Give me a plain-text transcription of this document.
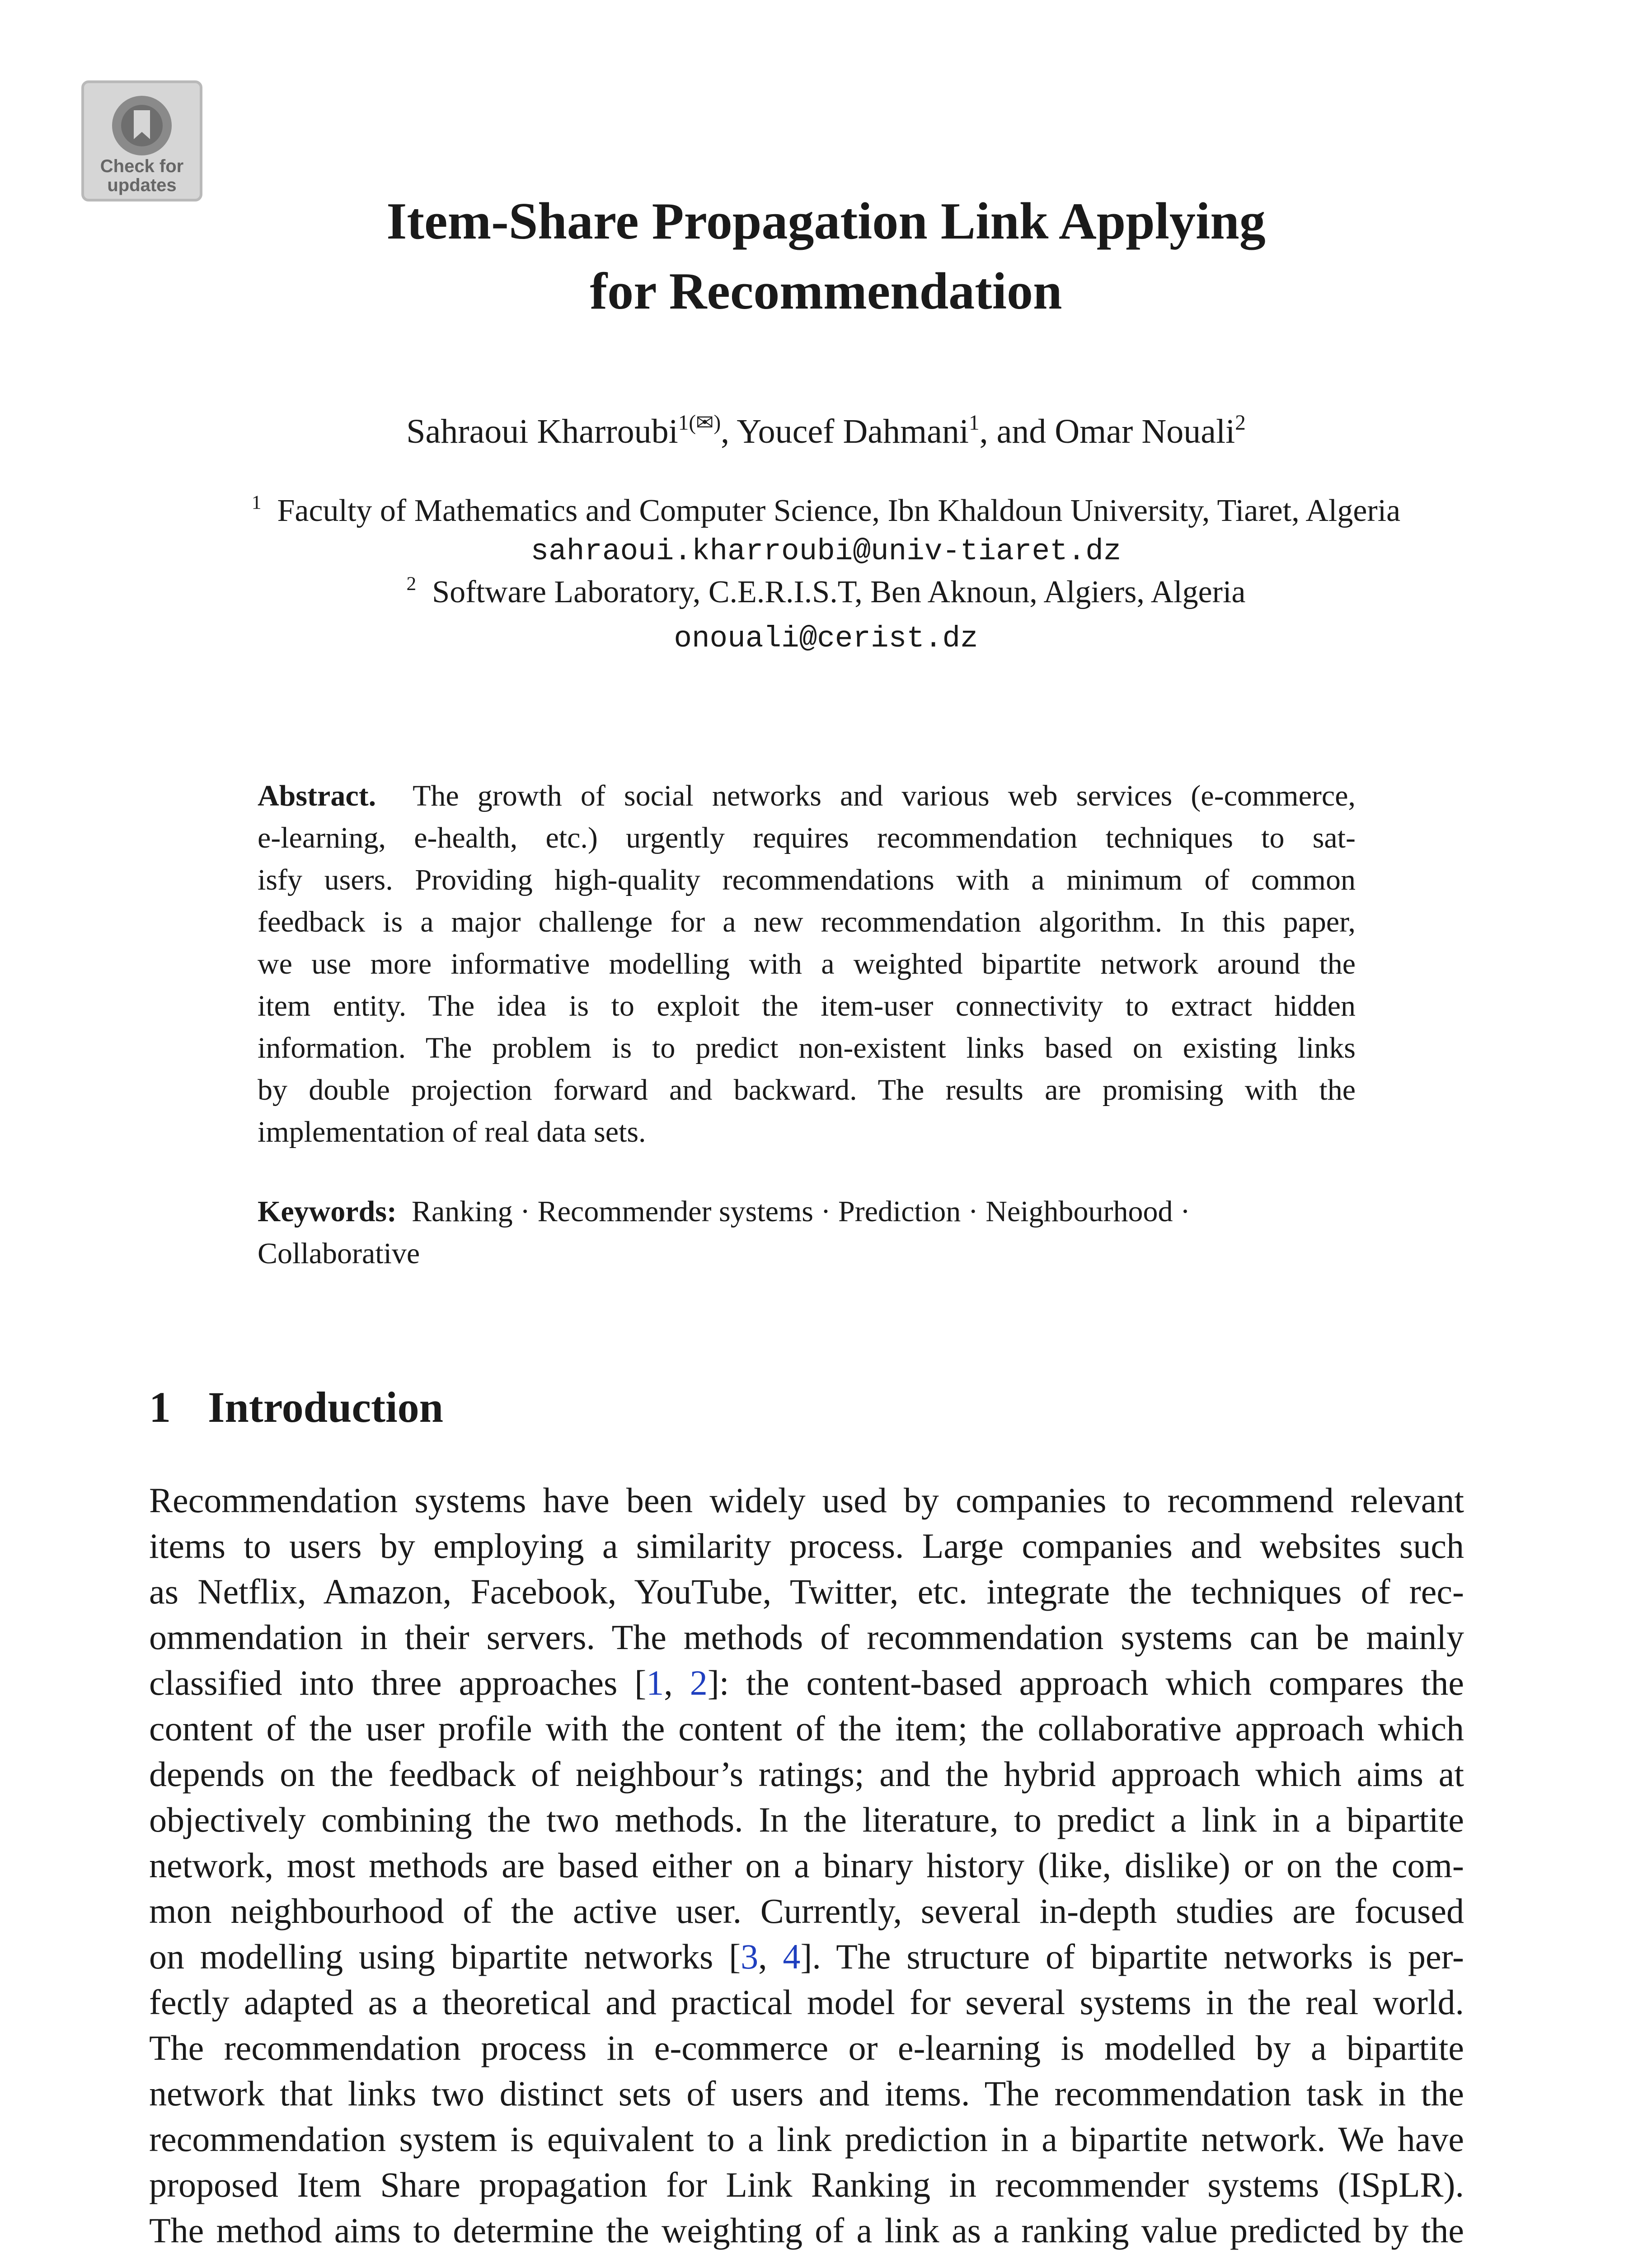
Check for
updates
Item-Share Propagation Link Applying
for Recommendation
Sahraoui Kharroubi$^{1(✉)}$, Youcef Dahmani$^1$, and Omar Nouali$^2$
$^1$ Faculty of Mathematics and Computer Science, Ibn Khaldoun University, Tiaret, Algeria
sahraoui.kharroubi@univ-tiaret.dz
$^2$ Software Laboratory, C.E.R.I.S.T, Ben Aknoun, Algiers, Algeria
onouali@cerist.dz
Abstract. The growth of social networks and various web services (e-commerce,
e-learning, e-health, etc.) urgently requires recommendation techniques to sat-
isfy users. Providing high-quality recommendations with a minimum of common
feedback is a major challenge for a new recommendation algorithm. In this paper,
we use more informative modelling with a weighted bipartite network around the
item entity. The idea is to exploit the item-user connectivity to extract hidden
information. The problem is to predict non-existent links based on existing links
by double projection forward and backward. The results are promising with the
implementation of real data sets.
Keywords: Ranking · Recommender systems · Prediction · Neighbourhood ·
Collaborative
1 Introduction
Recommendation systems have been widely used by companies to recommend relevant
items to users by employing a similarity process. Large companies and websites such
as Netflix, Amazon, Facebook, YouTube, Twitter, etc. integrate the techniques of rec-
ommendation in their servers. The methods of recommendation systems can be mainly
classified into three approaches [1, 2]: the content-based approach which compares the
content of the user profile with the content of the item; the collaborative approach which
depends on the feedback of neighbour’s ratings; and the hybrid approach which aims at
objectively combining the two methods. In the literature, to predict a link in a bipartite
network, most methods are based either on a binary history (like, dislike) or on the com-
mon neighbourhood of the active user. Currently, several in-depth studies are focused
on modelling using bipartite networks [3, 4]. The structure of bipartite networks is per-
fectly adapted as a theoretical and practical model for several systems in the real world.
The recommendation process in e-commerce or e-learning is modelled by a bipartite
network that links two distinct sets of users and items. The recommendation task in the
recommendation system is equivalent to a link prediction in a bipartite network. We have
proposed Item Share propagation for Link Ranking in recommender systems (ISpLR).
The method aims to determine the weighting of a link as a ranking value predicted by the
